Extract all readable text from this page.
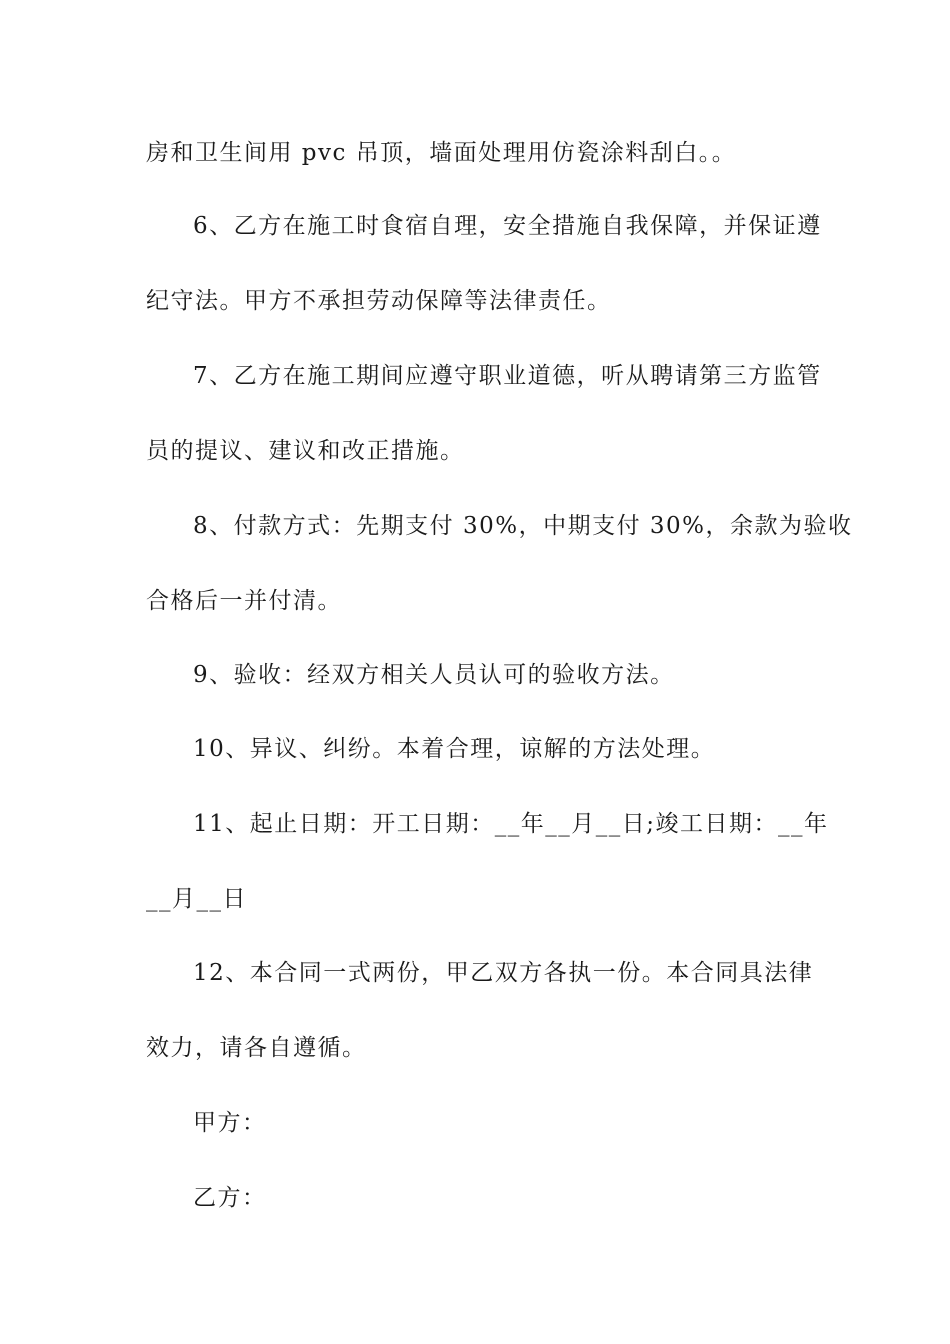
房和卫生间用 pvc 吊顶，墙面处理用仿瓷涂料刮白。。
6、乙方在施工时食宿自理，安全措施自我保障，并保证遵
纪守法。甲方不承担劳动保障等法律责任。
7、乙方在施工期间应遵守职业道德，听从聘请第三方监管
员的提议、建议和改正措施。
8、付款方式：先期支付 30%，中期支付 30%，余款为验收
合格后一并付清。
9、验收：经双方相关人员认可的验收方法。
10、异议、纠纷。本着合理，谅解的方法处理。
11、起止日期：开工日期：__年__月__日;竣工日期：__年
__月__日
12、本合同一式两份，甲乙双方各执一份。本合同具法律
效力，请各自遵循。
甲方：
乙方：
